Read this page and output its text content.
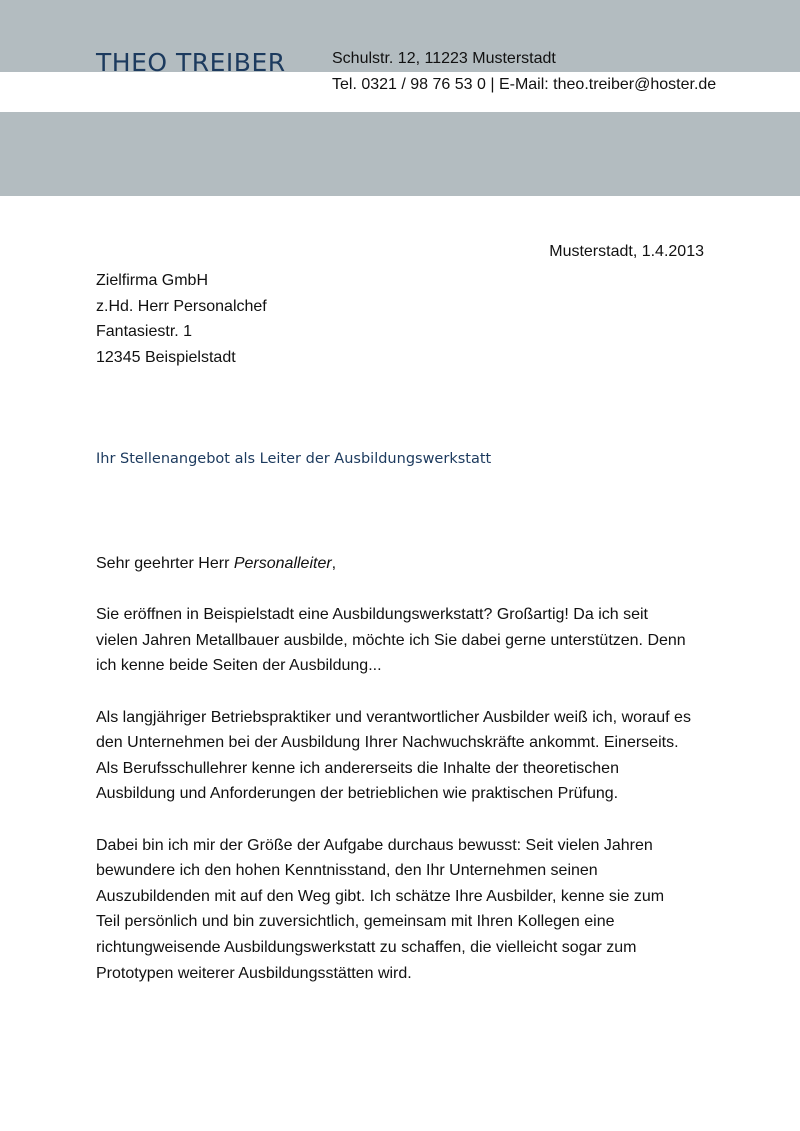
THEO TREIBER	Schulstr. 12, 11223 Musterstadt
Tel. 0321 / 98 76 53 0 | E-Mail: theo.treiber@hoster.de
Musterstadt, 1.4.2013
Zielfirma GmbH
z.Hd. Herr Personalchef
Fantasiestr. 1
12345 Beispielstadt
Ihr Stellenangebot als Leiter der Ausbildungswerkstatt

Sehr geehrter Herr Personalleiter,

Sie eröffnen in Beispielstadt eine Ausbildungswerkstatt? Großartig! Da ich seit
vielen Jahren Metallbauer ausbilde, möchte ich Sie dabei gerne unterstützen. Denn
ich kenne beide Seiten der Ausbildung...

Als langjähriger Betriebspraktiker und verantwortlicher Ausbilder weiß ich, worauf es
den Unternehmen bei der Ausbildung Ihrer Nachwuchskräfte ankommt. Einerseits.
Als Berufsschullehrer kenne ich andererseits die Inhalte der theoretischen
Ausbildung und Anforderungen der betrieblichen wie praktischen Prüfung.

Dabei bin ich mir der Größe der Aufgabe durchaus bewusst: Seit vielen Jahren
bewundere ich den hohen Kenntnisstand, den Ihr Unternehmen seinen
Auszubildenden mit auf den Weg gibt. Ich schätze Ihre Ausbilder, kenne sie zum
Teil persönlich und bin zuversichtlich, gemeinsam mit Ihren Kollegen eine
richtungweisende Ausbildungswerkstatt zu schaffen, die vielleicht sogar zum
Prototypen weiterer Ausbildungsstätten wird.
